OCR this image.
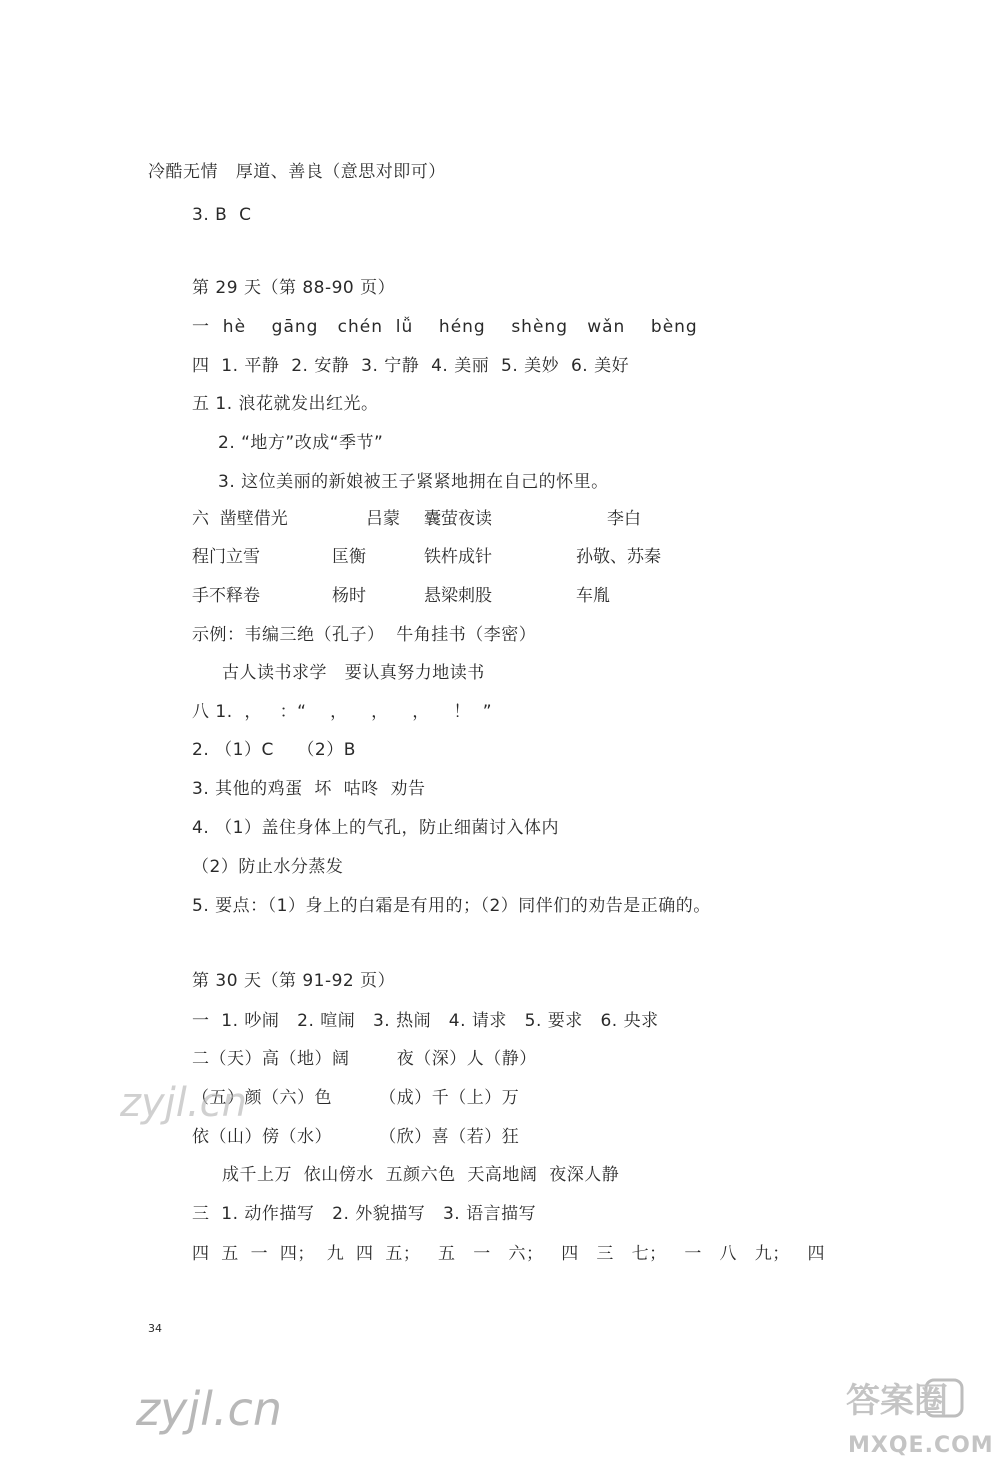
冷酷无情   厚道、善良（意思对即可）
3. B  C
第 29 天（第 88-90 页）
一  hè    gāng   chén  lǚ    héng    shèng   wǎn    bèng
四  1. 平静  2. 安静  3. 宁静  4. 美丽  5. 美妙  6. 美好
五 1. 浪花就发出红光。
2. “地方”改成“季节”
3. 这位美丽的新娘被王子紧紧地拥在自己的怀里。
六  凿壁借光	吕蒙 囊萤夜读	李白
程门立雪	匡衡	铁杵成针	孙敬、苏秦
手不释卷	杨时	悬梁刺股	车胤
示例：韦编三绝（孔子）  牛角挂书（李密）
古人读书求学   要认真努力地读书
八 1.  ，   ：“    ，    ，    ，    ！  ”
2. （1）C    （2）B
3. 其他的鸡蛋  坏  咕咚  劝告
4. （1）盖住身体上的气孔，防止细菌讨入体内
（2）防止水分蒸发
5. 要点：（1）身上的白霜是有用的；（2）同伴们的劝告是正确的。
第 30 天（第 91-92 页）
一  1. 吵闹   2. 喧闹   3. 热闹   4. 请求   5. 要求   6. 央求
二（天）高（地）阔        夜（深）人（静）
（五）颜（六）色        （成）千（上）万
依（山）傍（水）        （欣）喜（若）狂
成千上万  依山傍水  五颜六色  天高地阔  夜深人静
三  1. 动作描写   2. 外貌描写   3. 语言描写
四  五  一  四；  九  四  五；   五   一   六；   四   三   七；   一   八   九；   四
34
zyjl.cn
zyjl.cn	答案圈
MXQE.COM
